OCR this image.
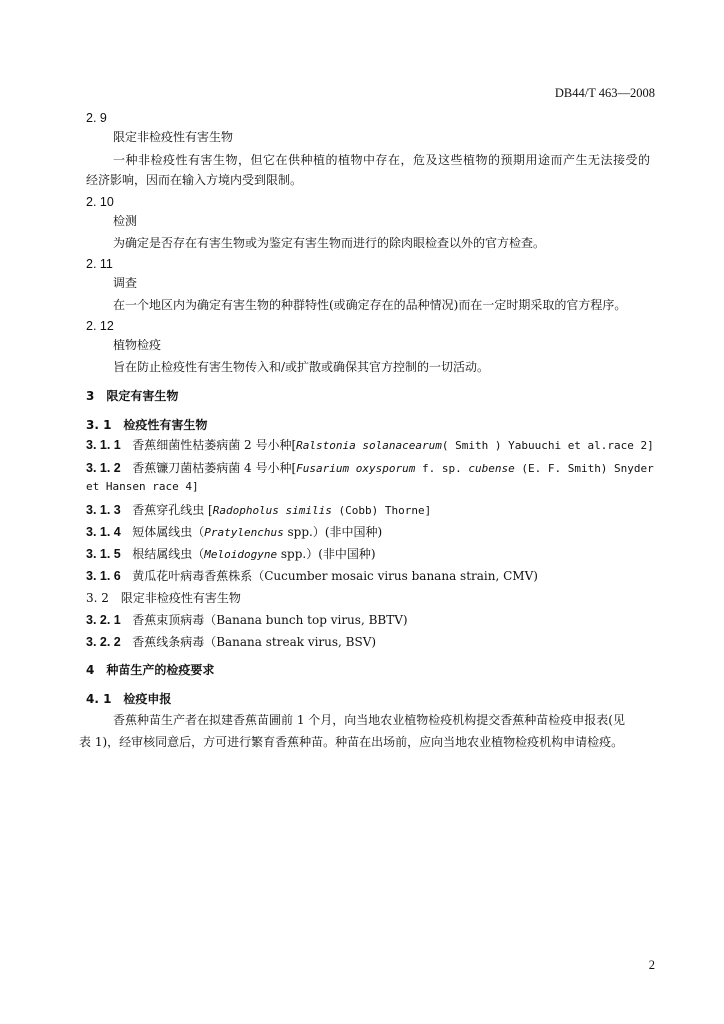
DB44/T 463—2008
2. 9
限定非检疫性有害生物
一种非检疫性有害生物，但它在供种植的植物中存在，危及这些植物的预期用途而产生无法接受的
经济影响，因而在输入方境内受到限制。
2. 10
检测
为确定是否存在有害生物或为鉴定有害生物而进行的除肉眼检查以外的官方检查。
2. 11
调查
在一个地区内为确定有害生物的种群特性(或确定存在的品种情况)而在一定时期采取的官方程序。
2. 12
植物检疫
旨在防止检疫性有害生物传入和/或扩散或确保其官方控制的一切活动。
3　限定有害生物
3. 1　检疫性有害生物
3. 1. 1 香蕉细菌性枯萎病菌 2 号小种[Ralstonia solanacearum( Smith ) Yabuuchi et al.race 2]
3. 1. 2 香蕉镰刀菌枯萎病菌 4 号小种[Fusarium oxysporum f. sp. cubense (E. F. Smith) Snyder
et Hansen race 4]
3. 1. 3 香蕉穿孔线虫 [Radopholus similis (Cobb) Thorne]
3. 1. 4 短体属线虫（Pratylenchus spp.）(非中国种)
3. 1. 5 根结属线虫（Meloidogyne spp.）(非中国种)
3. 1. 6 黄瓜花叶病毒香蕉株系（Cucumber mosaic virus banana strain, CMV)
3. 2　限定非检疫性有害生物
3. 2. 1 香蕉束顶病毒（Banana bunch top virus, BBTV)
3. 2. 2 香蕉线条病毒（Banana streak virus, BSV)
4　种苗生产的检疫要求
4. 1　检疫申报
香蕉种苗生产者在拟建香蕉苗圃前 1 个月，向当地农业植物检疫机构提交香蕉种苗检疫申报表(见
表 1)，经审核同意后，方可进行繁育香蕉种苗。种苗在出场前，应向当地农业植物检疫机构申请检疫。
2
